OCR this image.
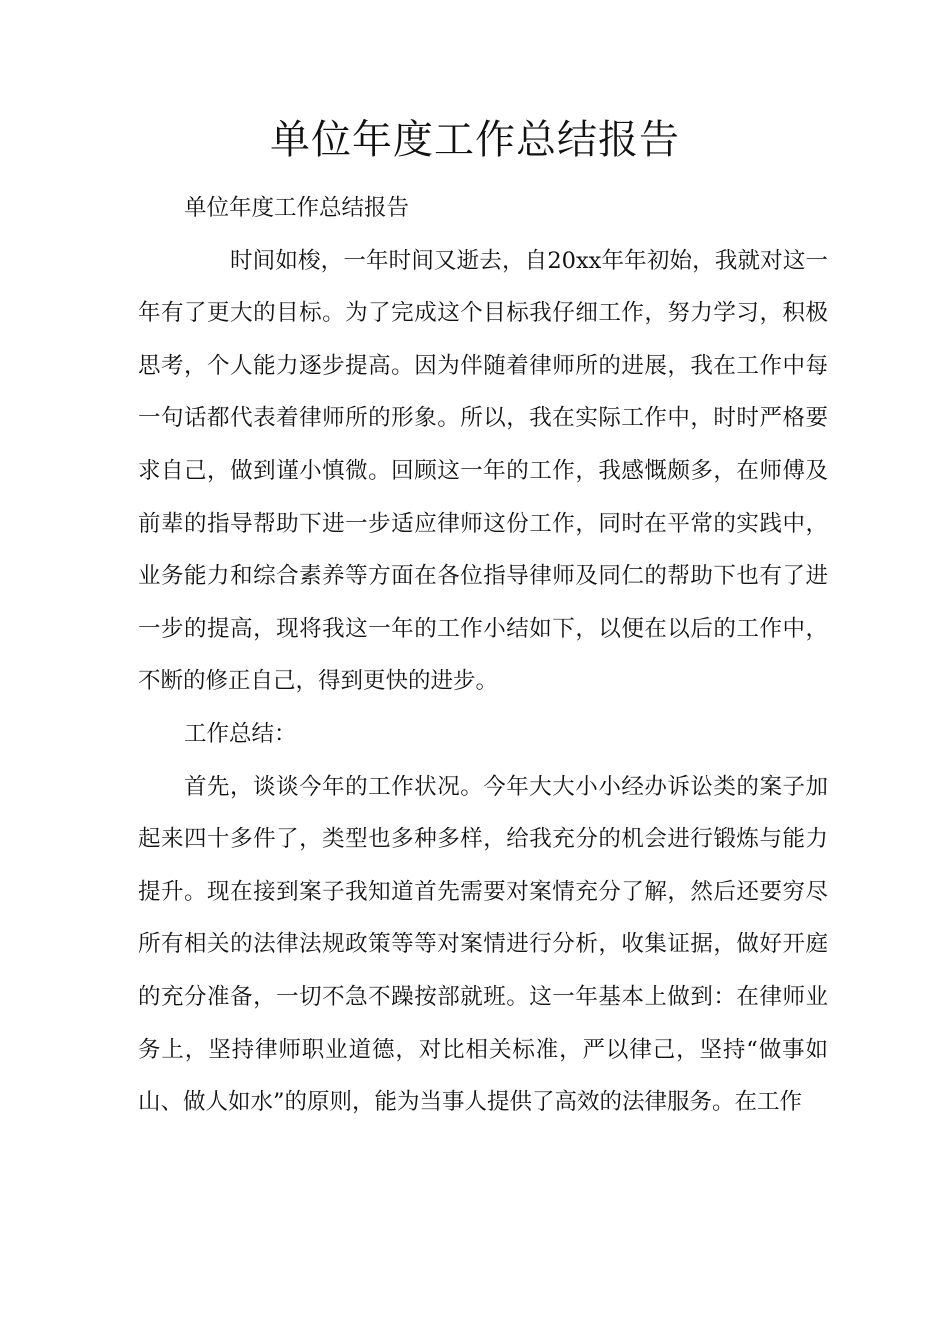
单位年度工作总结报告

单位年度工作总结报告

时间如梭，一年时间又逝去，自20xx年年初始，我就对这一年有了更大的目标。为了完成这个目标我仔细工作，努力学习，积极思考，个人能力逐步提高。因为伴随着律师所的进展，我在工作中每一句话都代表着律师所的形象。所以，我在实际工作中，时时严格要求自己，做到谨小慎微。回顾这一年的工作，我感慨颇多，在师傅及前辈的指导帮助下进一步适应律师这份工作，同时在平常的实践中，业务能力和综合素养等方面在各位指导律师及同仁的帮助下也有了进一步的提高，现将我这一年的工作小结如下，以便在以后的工作中，不断的修正自己，得到更快的进步。

工作总结：

首先，谈谈今年的工作状况。今年大大小小经办诉讼类的案子加起来四十多件了，类型也多种多样，给我充分的机会进行锻炼与能力提升。现在接到案子我知道首先需要对案情充分了解，然后还要穷尽所有相关的法律法规政策等等对案情进行分析，收集证据，做好开庭的充分准备，一切不急不躁按部就班。这一年基本上做到：在律师业务上，坚持律师职业道德，对比相关标准，严以律己，坚持“做事如山、做人如水”的原则，能为当事人提供了高效的法律服务。在工作
